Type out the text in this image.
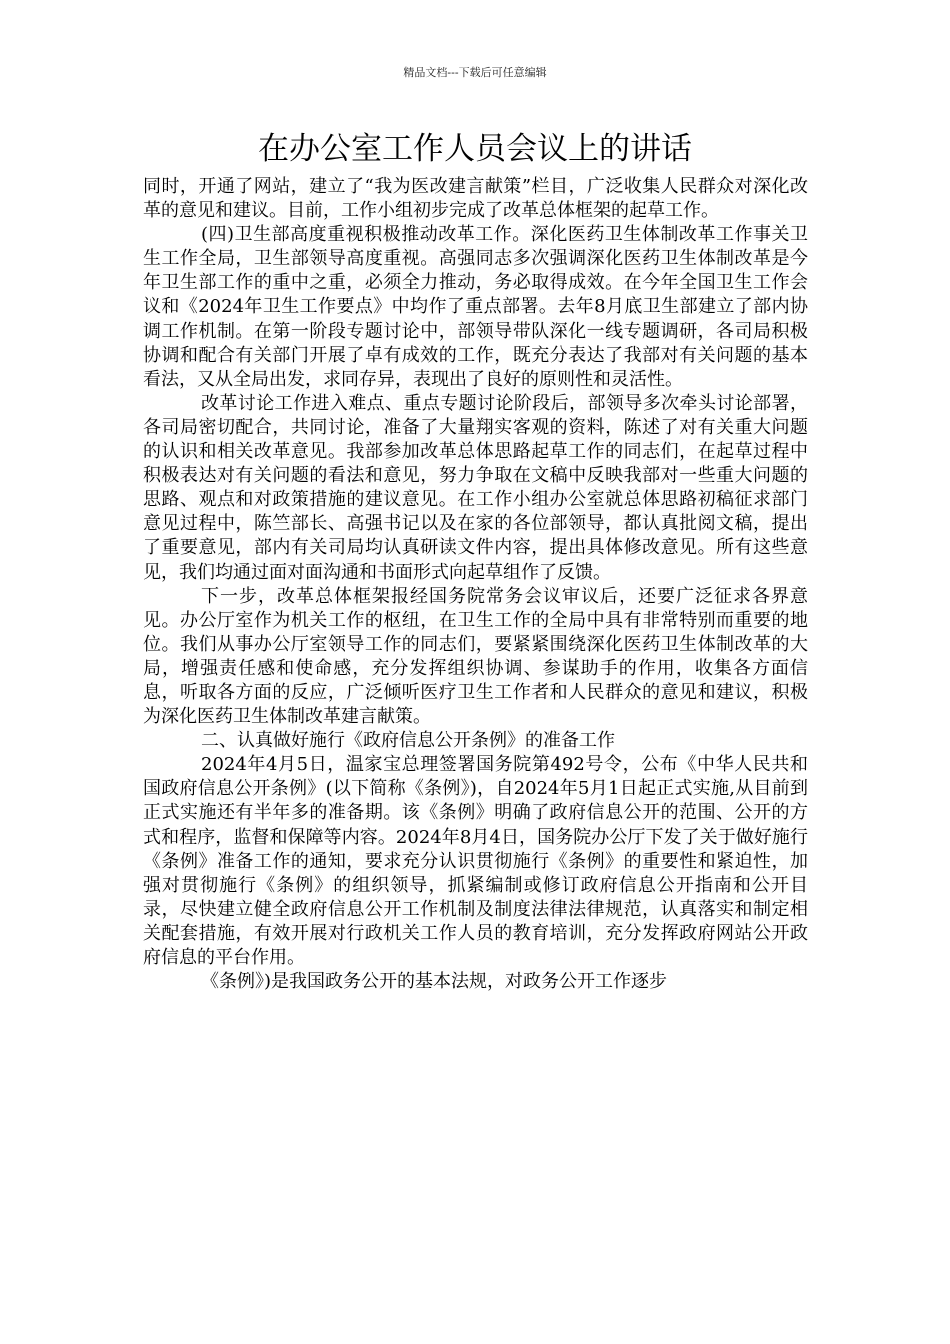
精品文档---下载后可任意编辑
在办公室工作人员会议上的讲话

同时，开通了网站，建立了“我为医改建言献策”栏目，广泛收集人民群众对深化改革的意见和建议。目前，工作小组初步完成了改革总体框架的起草工作。

(四)卫生部高度重视积极推动改革工作。深化医药卫生体制改革工作事关卫生工作全局，卫生部领导高度重视。高强同志多次强调深化医药卫生体制改革是今年卫生部工作的重中之重，必须全力推动，务必取得成效。在今年全国卫生工作会议和《2024年卫生工作要点》中均作了重点部署。去年8月底卫生部建立了部内协调工作机制。在第一阶段专题讨论中，部领导带队深化一线专题调研，各司局积极协调和配合有关部门开展了卓有成效的工作，既充分表达了我部对有关问题的基本看法，又从全局出发，求同存异，表现出了良好的原则性和灵活性。

改革讨论工作进入难点、重点专题讨论阶段后，部领导多次牵头讨论部署，各司局密切配合，共同讨论，准备了大量翔实客观的资料，陈述了对有关重大问题的认识和相关改革意见。我部参加改革总体思路起草工作的同志们，在起草过程中积极表达对有关问题的看法和意见，努力争取在文稿中反映我部对一些重大问题的思路、观点和对政策措施的建议意见。在工作小组办公室就总体思路初稿征求部门意见过程中，陈竺部长、高强书记以及在家的各位部领导，都认真批阅文稿，提出了重要意见，部内有关司局均认真研读文件内容，提出具体修改意见。所有这些意见，我们均通过面对面沟通和书面形式向起草组作了反馈。

下一步，改革总体框架报经国务院常务会议审议后，还要广泛征求各界意见。办公厅室作为机关工作的枢纽，在卫生工作的全局中具有非常特别而重要的地位。我们从事办公厅室领导工作的同志们，要紧紧围绕深化医药卫生体制改革的大局，增强责任感和使命感，充分发挥组织协调、参谋助手的作用，收集各方面信息，听取各方面的反应，广泛倾听医疗卫生工作者和人民群众的意见和建议，积极为深化医药卫生体制改革建言献策。

二、认真做好施行《政府信息公开条例》的准备工作

2024年4月5日，温家宝总理签署国务院第492号令，公布《中华人民共和国政府信息公开条例》(以下简称《条例》)，自2024年5月1日起正式实施,从目前到正式实施还有半年多的准备期。该《条例》明确了政府信息公开的范围、公开的方式和程序，监督和保障等内容。2024年8月4日，国务院办公厅下发了关于做好施行《条例》准备工作的通知，要求充分认识贯彻施行《条例》的重要性和紧迫性，加强对贯彻施行《条例》的组织领导，抓紧编制或修订政府信息公开指南和公开目录，尽快建立健全政府信息公开工作机制及制度法律法律规范，认真落实和制定相关配套措施，有效开展对行政机关工作人员的教育培训，充分发挥政府网站公开政府信息的平台作用。

《条例》)是我国政务公开的基本法规，对政务公开工作逐步
